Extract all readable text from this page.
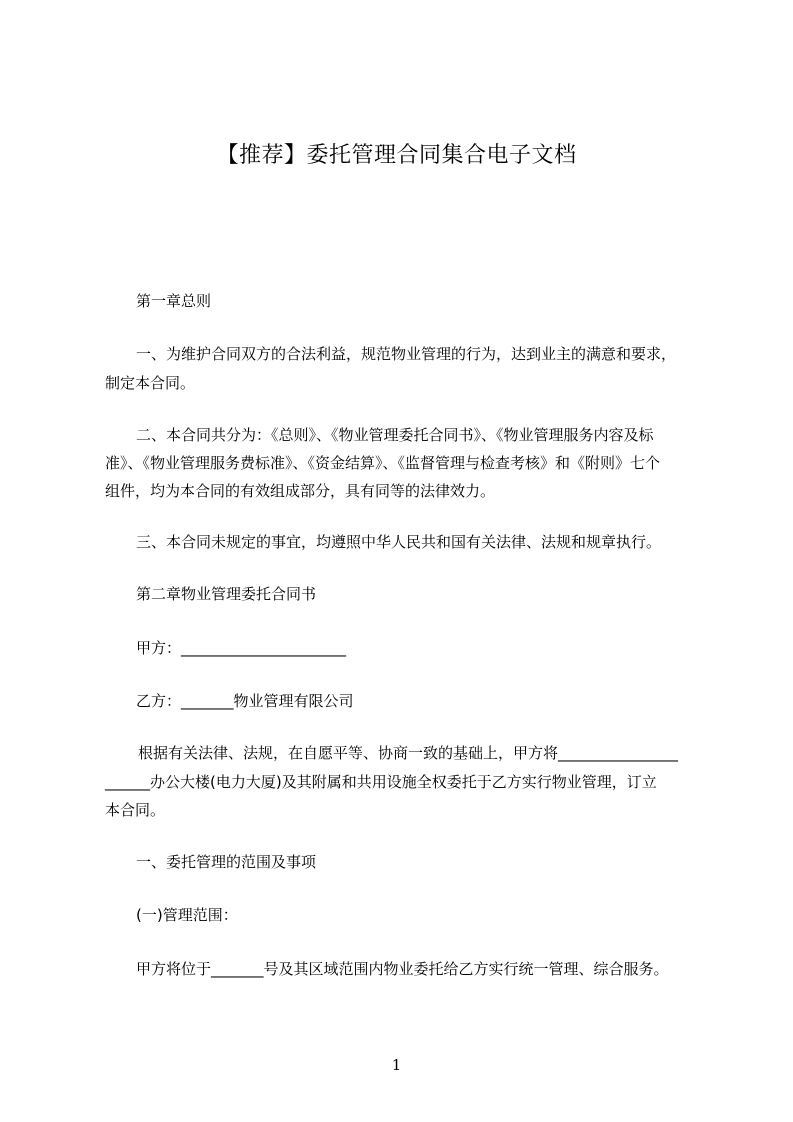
【推荐】委托管理合同集合电子文档
第一章总则
一、为维护合同双方的合法利益，规范物业管理的行为，达到业主的满意和要求，
制定本合同。
二、本合同共分为：《总则》、《物业管理委托合同书》、《物业管理服务内容及标
准》、《物业管理服务费标准》、《资金结算》、《监督管理与检查考核》和《附则》七个
组件，均为本合同的有效组成部分，具有同等的法律效力。
三、本合同未规定的事宜，均遵照中华人民共和国有关法律、法规和规章执行。
第二章物业管理委托合同书
甲方：______________________
乙方：_______物业管理有限公司
根据有关法律、法规，在自愿平等、协商一致的基础上，甲方将________________
______办公大楼(电力大厦)及其附属和共用设施全权委托于乙方实行物业管理，订立
本合同。
一、委托管理的范围及事项
(一)管理范围：
甲方将位于_______号及其区域范围内物业委托给乙方实行统一管理、综合服务。
1
